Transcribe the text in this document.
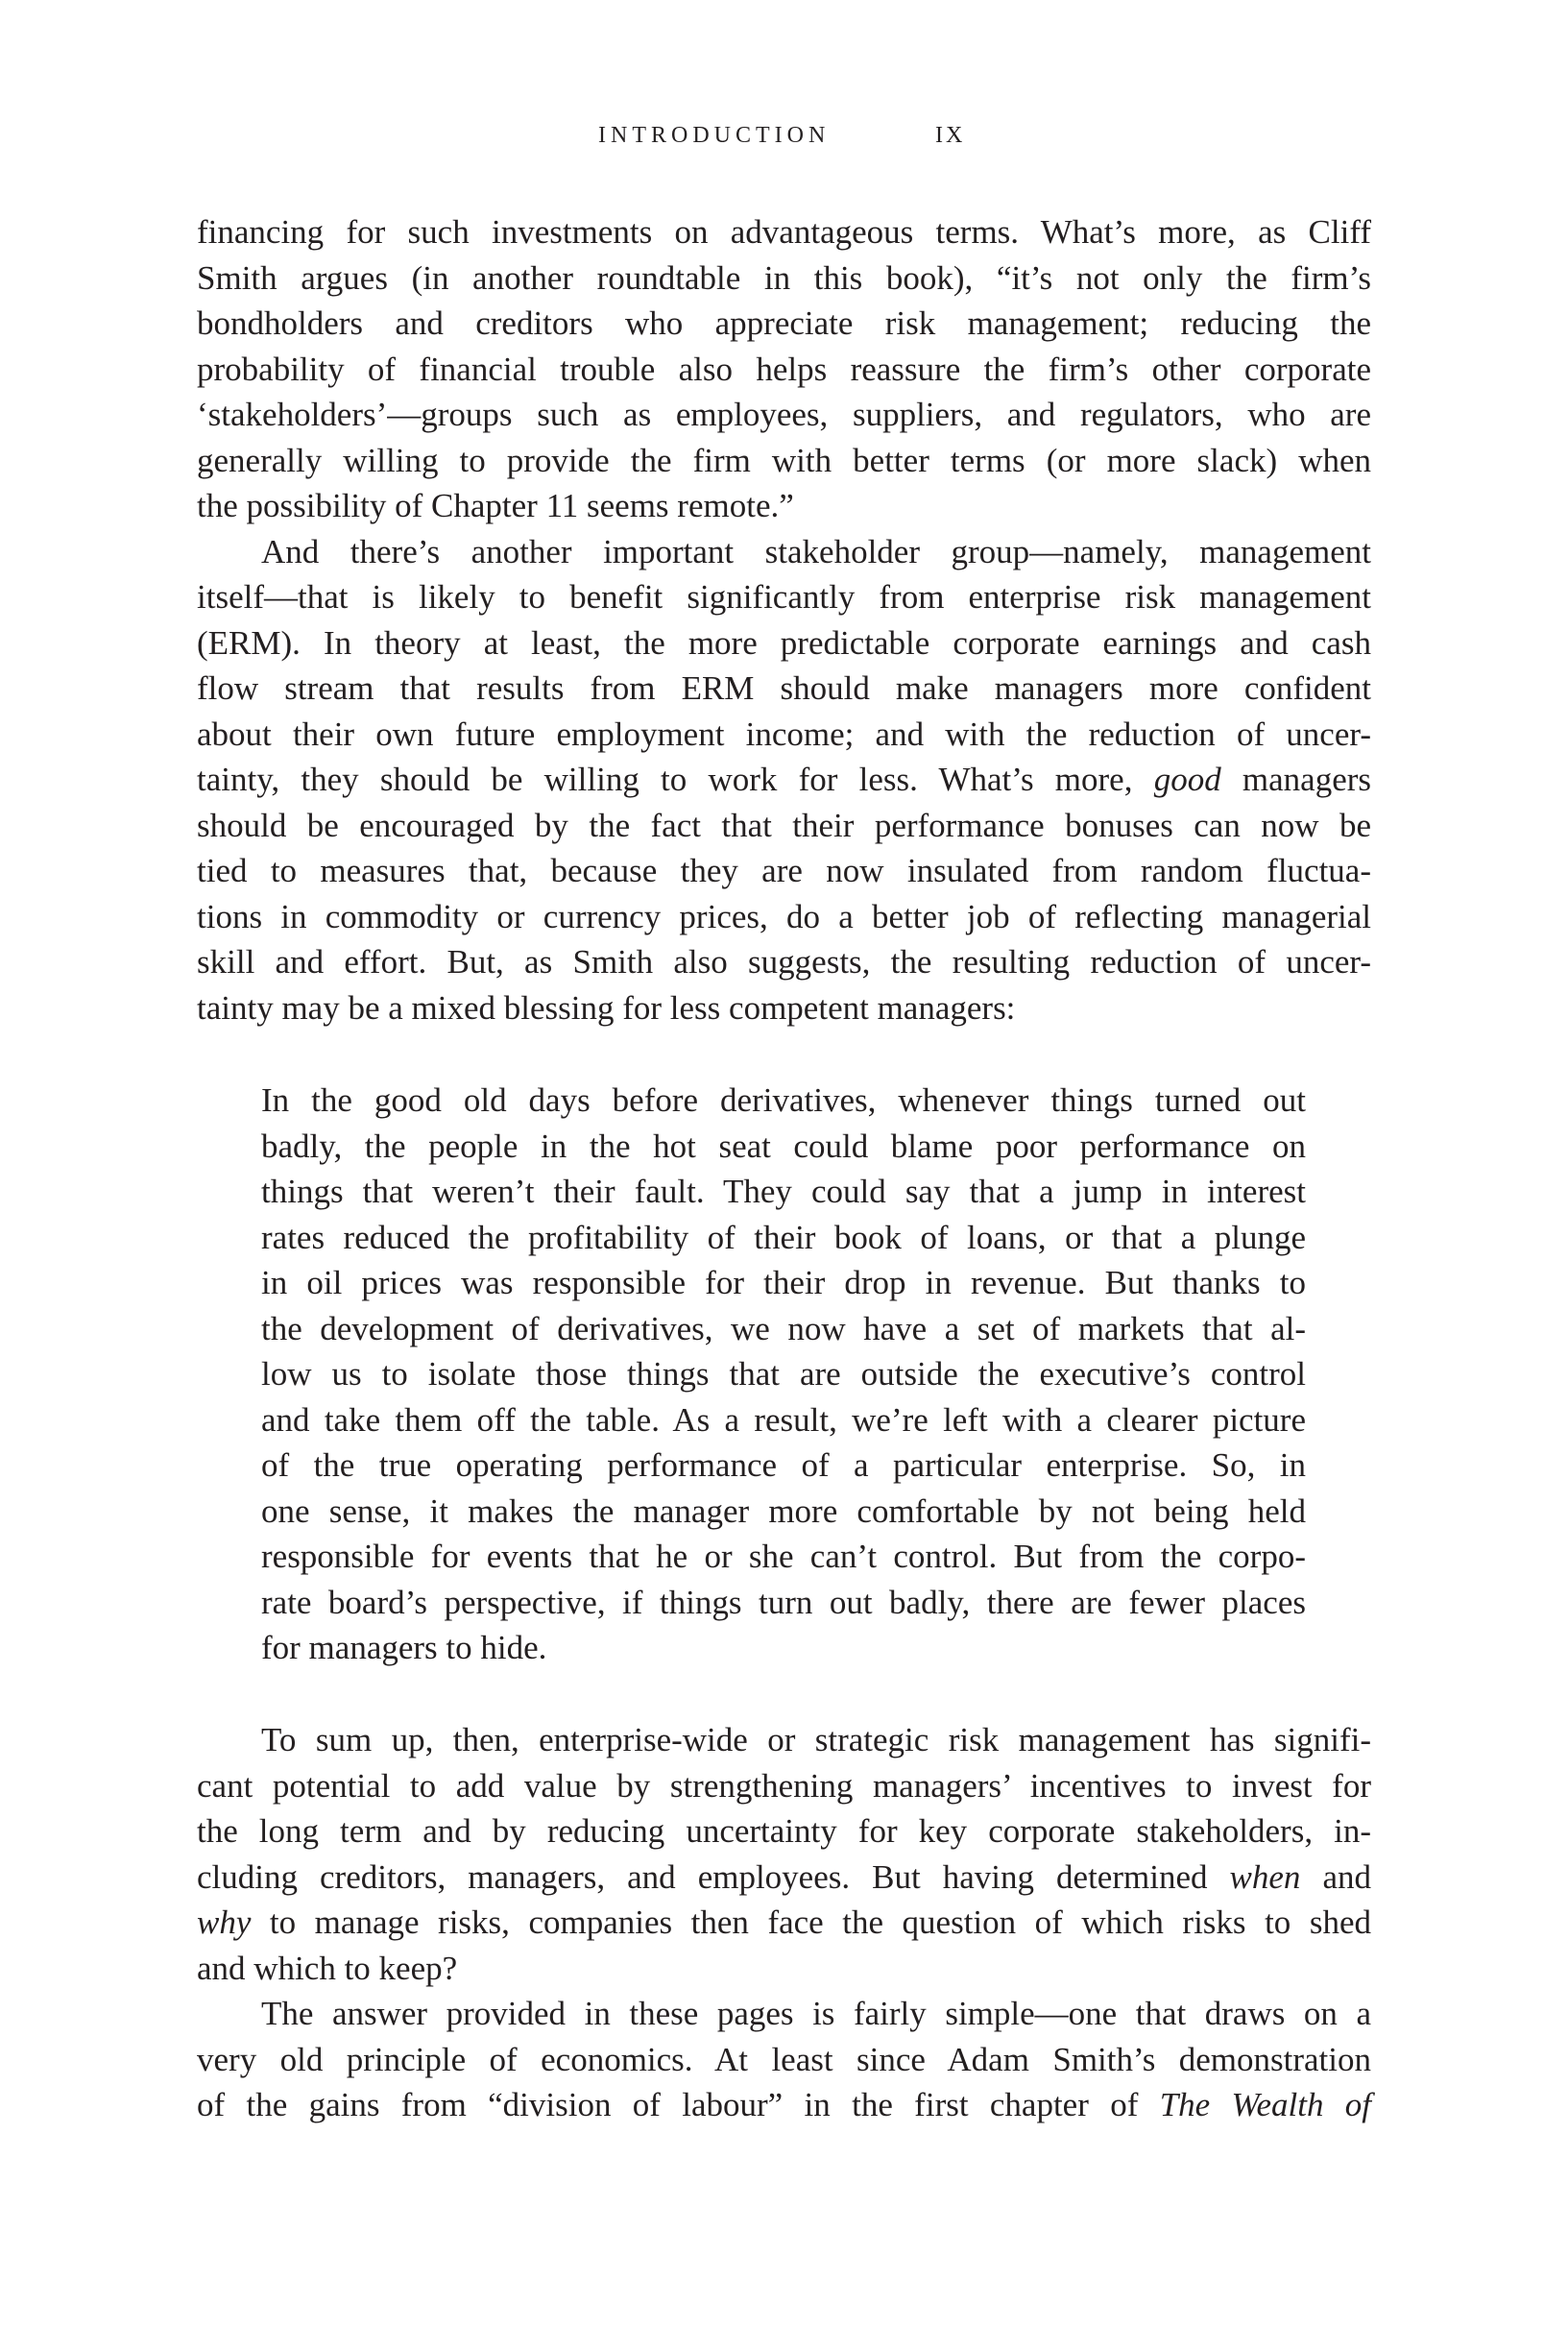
INTRODUCTION	IX
financing for such investments on advantageous terms. What’s more, as Cliff
Smith argues (in another roundtable in this book), “it’s not only the firm’s
bondholders and creditors who appreciate risk management; reducing the
probability of financial trouble also helps reassure the firm’s other corporate
‘stakeholders’—groups such as employees, suppliers, and regulators, who are
generally willing to provide the firm with better terms (or more slack) when
the possibility of Chapter 11 seems remote.”
And there’s another important stakeholder group—namely, management
itself—that is likely to benefit significantly from enterprise risk management
(ERM). In theory at least, the more predictable corporate earnings and cash
flow stream that results from ERM should make managers more confident
about their own future employment income; and with the reduction of uncer-
tainty, they should be willing to work for less. What’s more, good managers
should be encouraged by the fact that their performance bonuses can now be
tied to measures that, because they are now insulated from random fluctua-
tions in commodity or currency prices, do a better job of reflecting managerial
skill and effort. But, as Smith also suggests, the resulting reduction of uncer-
tainty may be a mixed blessing for less competent managers:
In the good old days before derivatives, whenever things turned out
badly, the people in the hot seat could blame poor performance on
things that weren’t their fault. They could say that a jump in interest
rates reduced the profitability of their book of loans, or that a plunge
in oil prices was responsible for their drop in revenue. But thanks to
the development of derivatives, we now have a set of markets that al-
low us to isolate those things that are outside the executive’s control
and take them off the table. As a result, we’re left with a clearer picture
of the true operating performance of a particular enterprise. So, in
one sense, it makes the manager more comfortable by not being held
responsible for events that he or she can’t control. But from the corpo-
rate board’s perspective, if things turn out badly, there are fewer places
for managers to hide.
To sum up, then, enterprise-wide or strategic risk management has signifi-
cant potential to add value by strengthening managers’ incentives to invest for
the long term and by reducing uncertainty for key corporate stakeholders, in-
cluding creditors, managers, and employees. But having determined when and
why to manage risks, companies then face the question of which risks to shed
and which to keep?
The answer provided in these pages is fairly simple—one that draws on a
very old principle of economics. At least since Adam Smith’s demonstration
of the gains from “division of labour” in the first chapter of The Wealth of
